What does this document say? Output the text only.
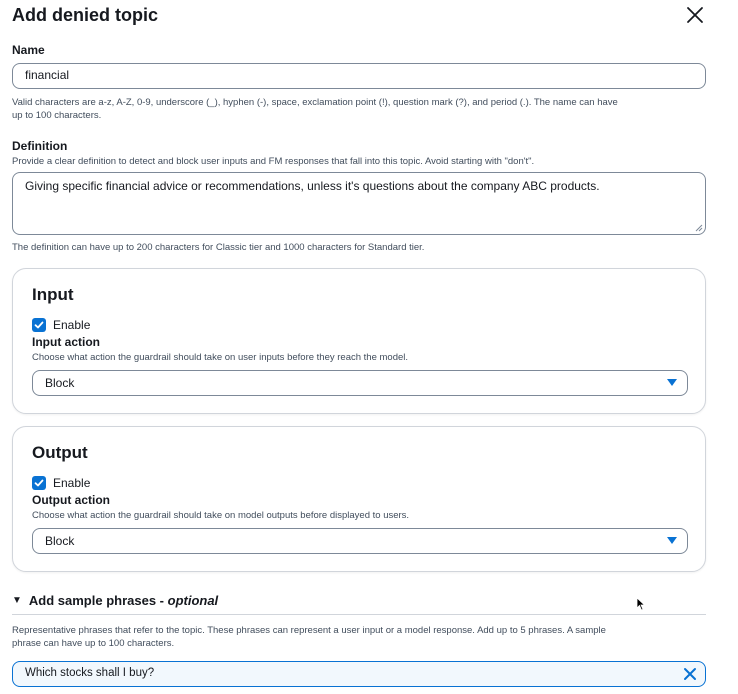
Add denied topic
Name
financial
Valid characters are a-z, A-Z, 0-9, underscore (_), hyphen (-), space, exclamation point (!), question mark (?), and period (.). The name can have
up to 100 characters.
Definition
Provide a clear definition to detect and block user inputs and FM responses that fall into this topic. Avoid starting with "don't".
Giving specific financial advice or recommendations, unless it's questions about the company ABC products.
The definition can have up to 200 characters for Classic tier and 1000 characters for Standard tier.
Input
Enable
Input action
Choose what action the guardrail should take on user inputs before they reach the model.
Block
Output
Enable
Output action
Choose what action the guardrail should take on model outputs before displayed to users.
Block
▼ Add sample phrases - optional
Representative phrases that refer to the topic. These phrases can represent a user input or a model response. Add up to 5 phrases. A sample
phrase can have up to 100 characters.
Which stocks shall I buy?
